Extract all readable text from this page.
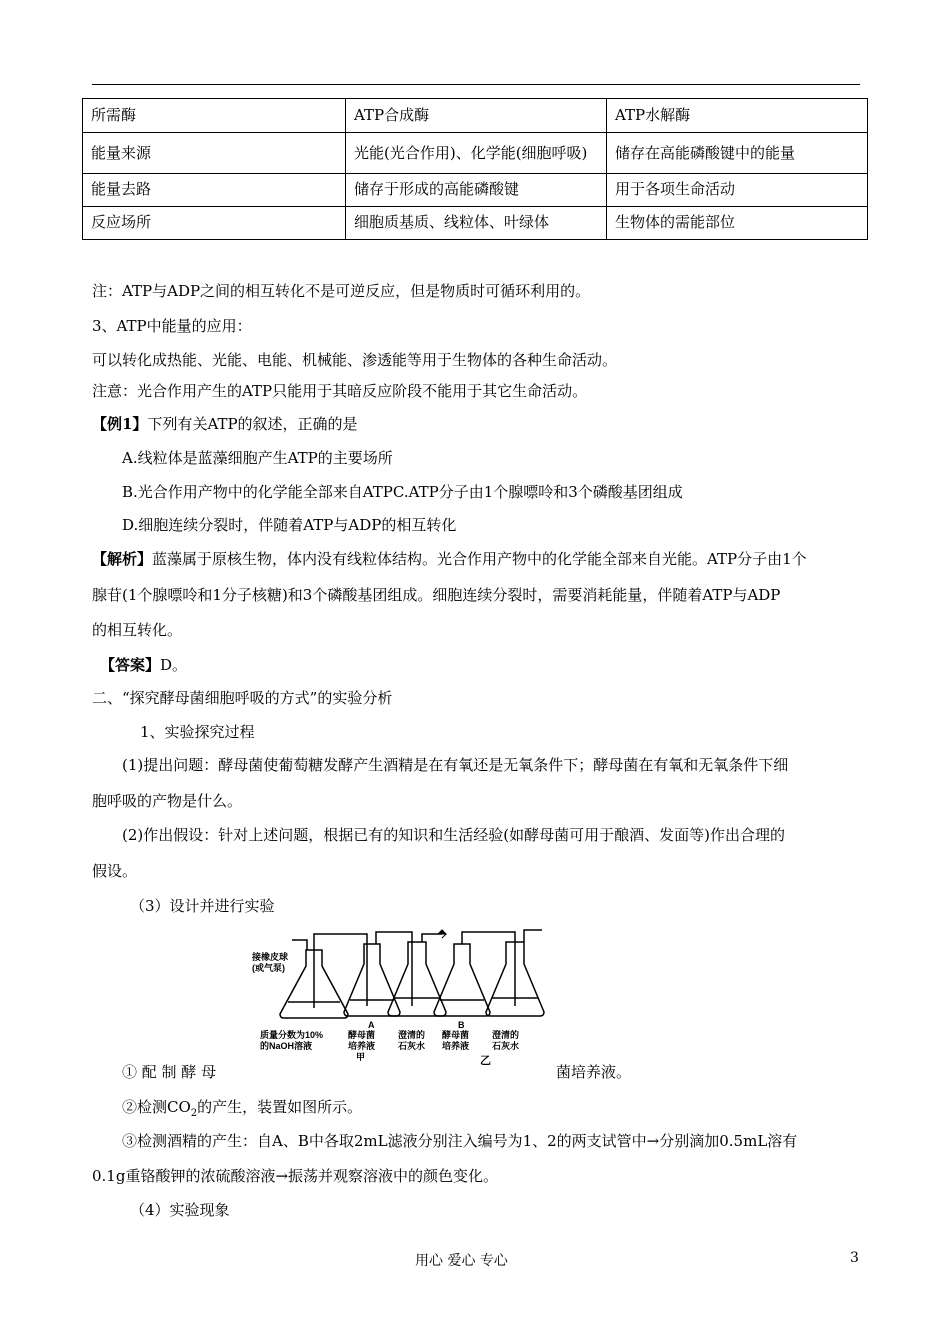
所需酶	ATP合成酶	ATP水解酶
能量来源	光能(光合作用)、化学能(细胞呼吸)	储存在高能磷酸键中的能量
能量去路	储存于形成的高能磷酸键	用于各项生命活动
反应场所	细胞质基质、线粒体、叶绿体	生物体的需能部位
注：ATP与ADP之间的相互转化不是可逆反应，但是物质时可循环利用的。
3、ATP中能量的应用：
可以转化成热能、光能、电能、机械能、渗透能等用于生物体的各种生命活动。
注意：光合作用产生的ATP只能用于其暗反应阶段不能用于其它生命活动。
【例1】下列有关ATP的叙述，正确的是
A.线粒体是蓝藻细胞产生ATP的主要场所
B.光合作用产物中的化学能全部来自ATPC.ATP分子由1个腺嘌呤和3个磷酸基团组成
D.细胞连续分裂时，伴随着ATP与ADP的相互转化
【解析】蓝藻属于原核生物，体内没有线粒体结构。光合作用产物中的化学能全部来自光能。ATP分子由1个
腺苷(1个腺嘌呤和1分子核糖)和3个磷酸基团组成。细胞连续分裂时，需要消耗能量，伴随着ATP与ADP
的相互转化。
【答案】D。
二、“探究酵母菌细胞呼吸的方式”的实验分析
1、实验探究过程
(1)提出问题：酵母菌使葡萄糖发酵产生酒精是在有氧还是无氧条件下；酵母菌在有氧和无氧条件下细
胞呼吸的产物是什么。
(2)作出假设：针对上述问题，根据已有的知识和生活经验(如酵母菌可用于酿酒、发面等)作出合理的
假设。
（3）设计并进行实验
接橡皮球
(或气泵)
A	B
质量分数为10%
的NaOH溶液
酵母菌
培养液
澄清的
石灰水
酵母菌
培养液
澄清的
石灰水
甲	乙
① 配 制 酵 母	菌培养液。
②检测$CO_2$的产生，装置如图所示。
③检测酒精的产生：自A、B中各取2mL滤液分别注入编号为1、2的两支试管中→分别滴加0.5mL溶有
0.1g重铬酸钾的浓硫酸溶液→振荡并观察溶液中的颜色变化。
（4）实验现象
用心 爱心 专心	3
